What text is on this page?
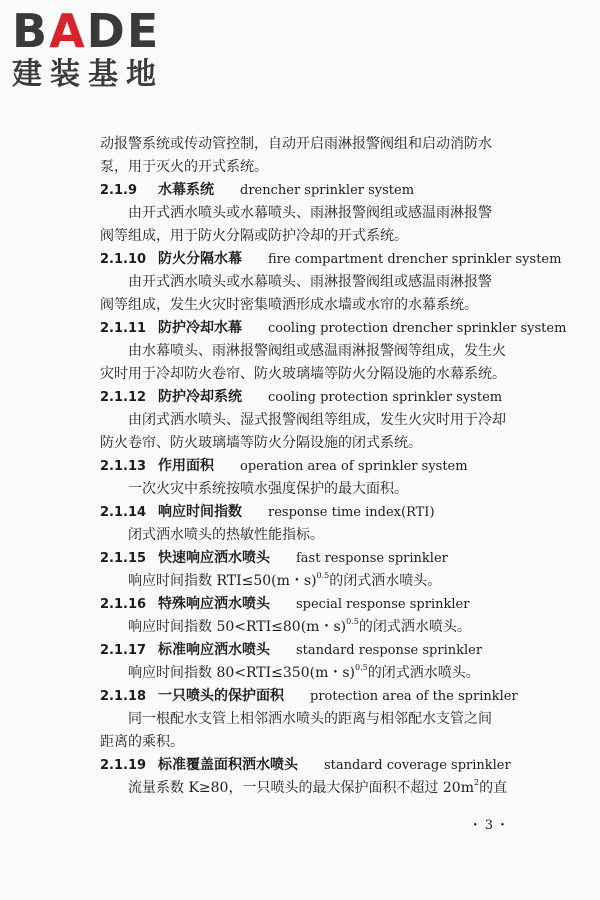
BADE
建装基地
动报警系统或传动管控制，自动开启雨淋报警阀组和启动消防水
泵，用于灭火的开式系统。
2.1.9 水幕系统 drencher sprinkler system
由开式洒水喷头或水幕喷头、雨淋报警阀组或感温雨淋报警
阀等组成，用于防火分隔或防护冷却的开式系统。
2.1.10 防火分隔水幕 fire compartment drencher sprinkler system
由开式洒水喷头或水幕喷头、雨淋报警阀组或感温雨淋报警
阀等组成，发生火灾时密集喷洒形成水墙或水帘的水幕系统。
2.1.11 防护冷却水幕 cooling protection drencher sprinkler system
由水幕喷头、雨淋报警阀组或感温雨淋报警阀等组成，发生火
灾时用于冷却防火卷帘、防火玻璃墙等防火分隔设施的水幕系统。
2.1.12 防护冷却系统 cooling protection sprinkler system
由闭式洒水喷头、湿式报警阀组等组成，发生火灾时用于冷却
防火卷帘、防火玻璃墙等防火分隔设施的闭式系统。
2.1.13 作用面积 operation area of sprinkler system
一次火灾中系统按喷水强度保护的最大面积。
2.1.14 响应时间指数 response time index(RTI)
闭式洒水喷头的热敏性能指标。
2.1.15 快速响应洒水喷头 fast response sprinkler
响应时间指数 RTI≤50(m・s)$^{0.5}$的闭式洒水喷头。
2.1.16 特殊响应洒水喷头 special response sprinkler
响应时间指数 50<RTI≤80(m・s)$^{0.5}$的闭式洒水喷头。
2.1.17 标准响应洒水喷头 standard response sprinkler
响应时间指数 80<RTI≤350(m・s)$^{0.5}$的闭式洒水喷头。
2.1.18 一只喷头的保护面积 protection area of the sprinkler
同一根配水支管上相邻洒水喷头的距离与相邻配水支管之间
距离的乘积。
2.1.19 标准覆盖面积洒水喷头 standard coverage sprinkler
流量系数 K≥80，一只喷头的最大保护面积不超过 $20m^2$的直
・3・
